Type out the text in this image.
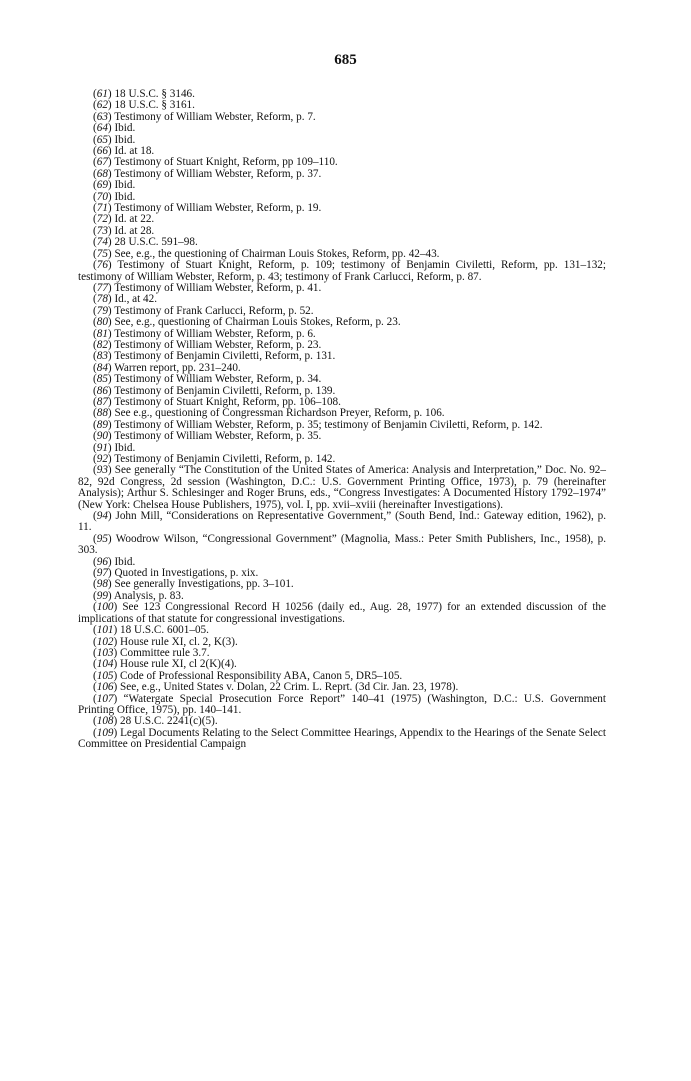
685
(61) 18 U.S.C. § 3146.
(62) 18 U.S.C. § 3161.
(63) Testimony of William Webster, Reform, p. 7.
(64) Ibid.
(65) Ibid.
(66) Id. at 18.
(67) Testimony of Stuart Knight, Reform, pp 109–110.
(68) Testimony of William Webster, Reform, p. 37.
(69) Ibid.
(70) Ibid.
(71) Testimony of William Webster, Reform, p. 19.
(72) Id. at 22.
(73) Id. at 28.
(74) 28 U.S.C. 591–98.
(75) See, e.g., the questioning of Chairman Louis Stokes, Reform, pp. 42–43.
(76) Testimony of Stuart Knight, Reform, p. 109; testimony of Benjamin Civiletti, Reform, pp. 131–132; testimony of William Webster, Reform, p. 43; testimony of Frank Carlucci, Reform, p. 87.
(77) Testimony of William Webster, Reform, p. 41.
(78) Id., at 42.
(79) Testimony of Frank Carlucci, Reform, p. 52.
(80) See, e.g., questioning of Chairman Louis Stokes, Reform, p. 23.
(81) Testimony of William Webster, Reform, p. 6.
(82) Testimony of William Webster, Reform, p. 23.
(83) Testimony of Benjamin Civiletti, Reform, p. 131.
(84) Warren report, pp. 231–240.
(85) Testimony of William Webster, Reform, p. 34.
(86) Testimony of Benjamin Civiletti, Reform, p. 139.
(87) Testimony of Stuart Knight, Reform, pp. 106–108.
(88) See e.g., questioning of Congressman Richardson Preyer, Reform, p. 106.
(89) Testimony of William Webster, Reform, p. 35; testimony of Benjamin Civiletti, Reform, p. 142.
(90) Testimony of William Webster, Reform, p. 35.
(91) Ibid.
(92) Testimony of Benjamin Civiletti, Reform, p. 142.
(93) See generally “The Constitution of the United States of America: Analysis and Interpretation,” Doc. No. 92–82, 92d Congress, 2d session (Washington, D.C.: U.S. Government Printing Office, 1973), p. 79 (hereinafter Analysis); Arthur S. Schlesinger and Roger Bruns, eds., “Congress Investigates: A Documented History 1792–1974” (New York: Chelsea House Publishers, 1975), vol. I, pp. xvii–xviii (hereinafter Investigations).
(94) John Mill, “Considerations on Representative Government,” (South Bend, Ind.: Gateway edition, 1962), p. 11.
(95) Woodrow Wilson, “Congressional Government” (Magnolia, Mass.: Peter Smith Publishers, Inc., 1958), p. 303.
(96) Ibid.
(97) Quoted in Investigations, p. xix.
(98) See generally Investigations, pp. 3–101.
(99) Analysis, p. 83.
(100) See 123 Congressional Record H 10256 (daily ed., Aug. 28, 1977) for an extended discussion of the implications of that statute for congressional investigations.
(101) 18 U.S.C. 6001–05.
(102) House rule XI, cl. 2, K(3).
(103) Committee rule 3.7.
(104) House rule XI, cl 2(K)(4).
(105) Code of Professional Responsibility ABA, Canon 5, DR5–105.
(106) See, e.g., United States v. Dolan, 22 Crim. L. Reprt. (3d Cir. Jan. 23, 1978).
(107) “Watergate Special Prosecution Force Report” 140–41 (1975) (Washington, D.C.: U.S. Government Printing Office, 1975), pp. 140–141.
(108) 28 U.S.C. 2241(c)(5).
(109) Legal Documents Relating to the Select Committee Hearings, Appendix to the Hearings of the Senate Select Committee on Presidential Campaign
